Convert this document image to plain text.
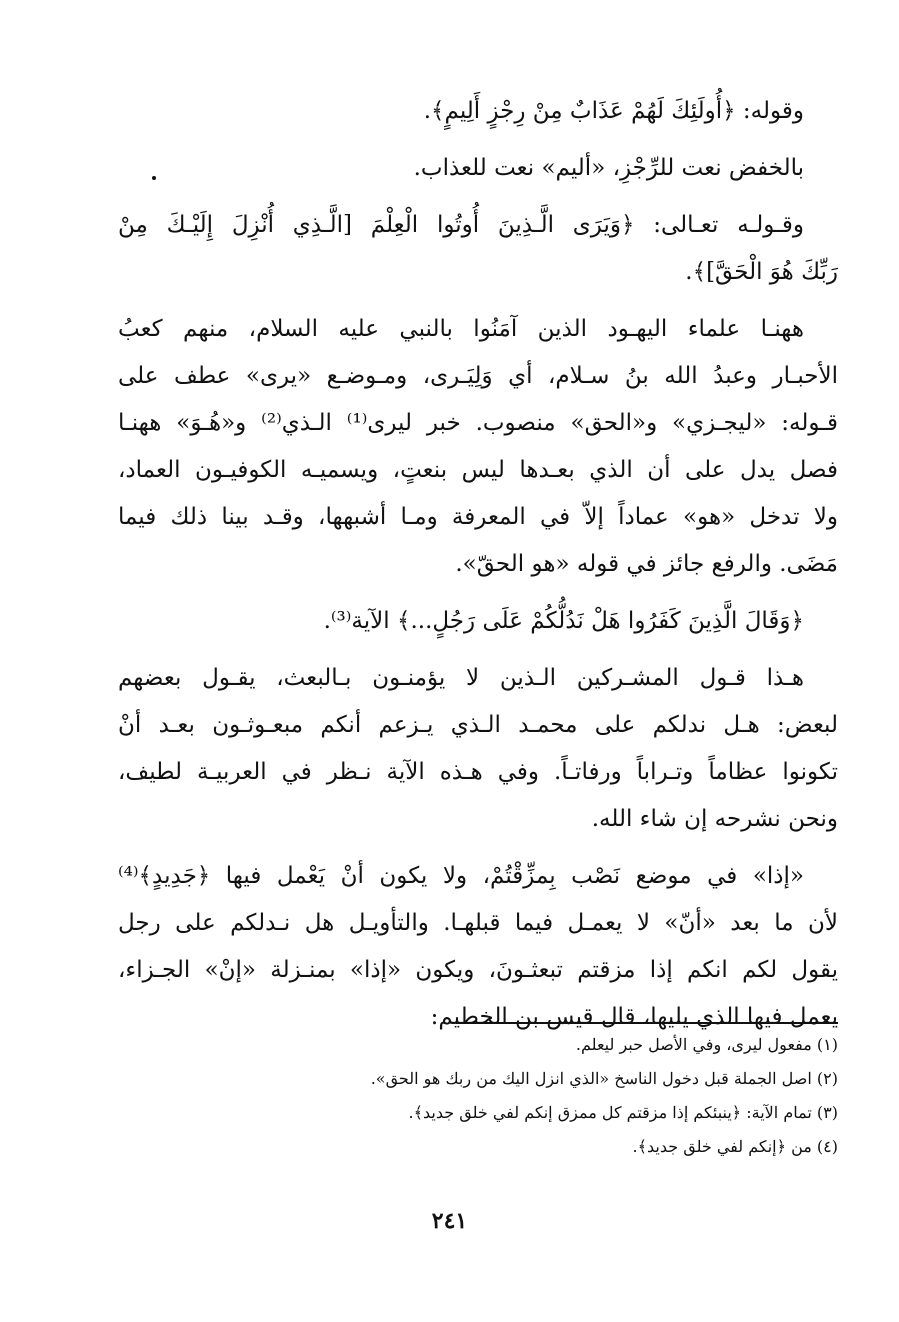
وقوله: ﴿أُولَئِكَ لَهُمْ عَذَابٌ مِنْ رِجْزٍ أَلِيمٍ﴾.

بالخفض نعت للرِّجْزِ، «أليم» نعت للعذاب.

وقـولـه تعـالى: ﴿وَيَرَى الَّـذِينَ أُوتُوا الْعِلْمَ [الَّـذِي أُنْزِلَ إِلَيْـكَ مِنْ
رَبِّكَ هُوَ الْحَقَّ]﴾.

ههنـا علماء اليهـود الذين آمَنُوا بالنبي عليه السلام، منهم كعبُ
الأحبـار وعبدُ الله بنُ سـلام، أي وَلِيَـرى، ومـوضـع «يرى» عطف على
قـوله: «ليجـزي» و«الحق» منصوب. خبر ليرى⁽¹⁾ الـذي⁽²⁾ و«هُـوَ» ههنـا
فصل يدل على أن الذي بعـدها ليس بنعتٍ، ويسميـه الكوفيـون العماد،
ولا تدخل «هو» عماداً إلاّ في المعرفة ومـا أشبهها، وقـد بينا ذلك فيما
مَضَى. والرفع جائز في قوله «هو الحقّ».

﴿وَقَالَ الَّذِينَ كَفَرُوا هَلْ نَدُلُّكُمْ عَلَى رَجُلٍ...﴾ الآية⁽³⁾.

هـذا قـول المشـركين الـذين لا يؤمنـون بـالبعث، يقـول بعضهم
لبعض: هـل ندلكم على محمـد الـذي يـزعم أنكم مبعـوثـون بعـد أنْ
تكونوا عظاماً وتـراباً ورفاتـاً. وفي هـذه الآية نـظر في العربيـة لطيف،
ونحن نشرحه إن شاء الله.

«إذا» في موضع نَصْب بِمزِّقْتُمْ، ولا يكون أنْ يَعْمل فيها ﴿جَدِيدٍ﴾⁽⁴⁾
لأن ما بعد «أنّ» لا يعمـل فيما قبلهـا. والتأويـل هل نـدلكم على رجل
يقول لكم انكم إذا مزقتم تبعثـونَ، ويكون «إذا» بمنـزلة «إنْ» الجـزاء،
يعمل فيها الذي يليها، قال قيس بن الخطيم:

(١) مفعول ليرى، وفي الأصل حبر ليعلم.
(٢) اصل الجملة قبل دخول الناسخ «الذي انزل اليك من ربك هو الحق».
(٣) تمام الآية: ﴿ينبئكم إذا مزقتم كل ممزق إنكم لفي خلق جديد﴾.
(٤) من ﴿إنكم لفي خلق جديد﴾.
٢٤١
